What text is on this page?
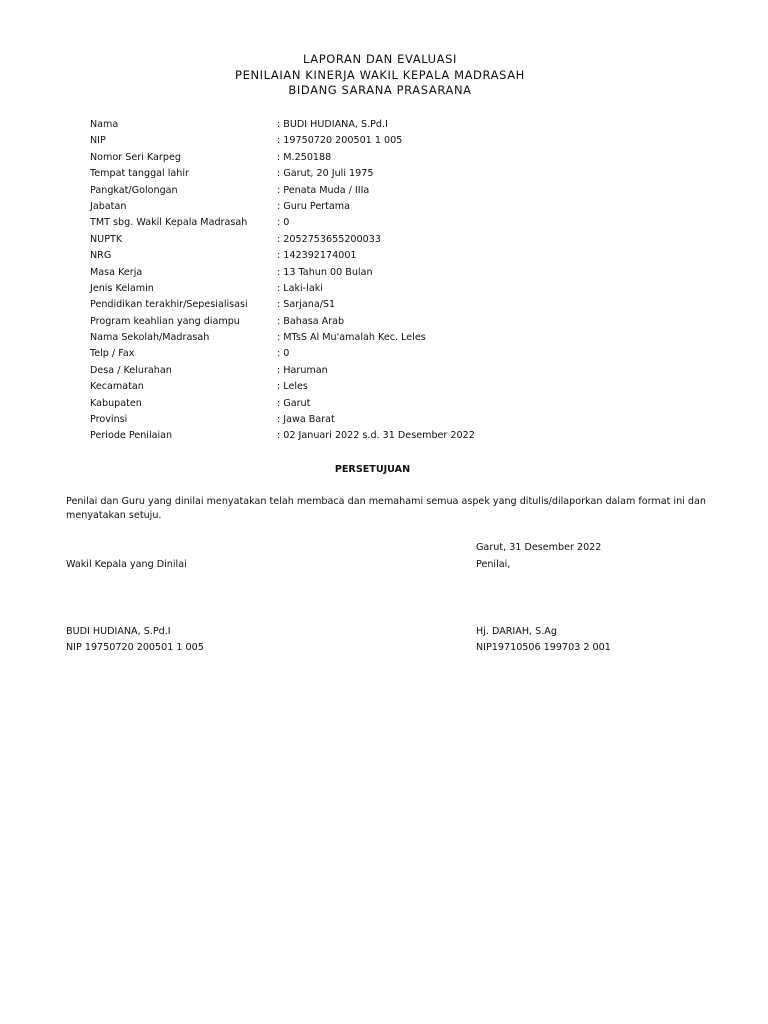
LAPORAN DAN EVALUASI
PENILAIAN KINERJA WAKIL KEPALA MADRASAH
BIDANG SARANA PRASARANA
Nama	: BUDI HUDIANA, S.Pd.I
NIP	: 19750720 200501 1 005
Nomor Seri Karpeg	: M.250188
Tempat tanggal lahir	: Garut, 20 Juli 1975
Pangkat/Golongan	: Penata Muda / IIIa
Jabatan	: Guru Pertama
TMT sbg. Wakil Kepala Madrasah	: 0
NUPTK	: 2052753655200033
NRG	: 142392174001
Masa Kerja	: 13 Tahun 00 Bulan
Jenis Kelamin	: Laki-laki
Pendidikan terakhir/Sepesialisasi	: Sarjana/S1
Program keahlian yang diampu	: Bahasa Arab
Nama Sekolah/Madrasah	: MTsS Al Mu'amalah Kec. Leles
Telp / Fax	: 0
Desa / Kelurahan	: Haruman
Kecamatan	: Leles
Kabupaten	: Garut
Provinsi	: Jawa Barat
Periode Penilaian	: 02 Januari 2022 s.d. 31 Desember 2022
PERSETUJUAN
Penilai dan Guru yang dinilai menyatakan telah membaca dan memahami semua aspek yang ditulis/dilaporkan dalam format ini dan menyatakan setuju.
Garut, 31 Desember 2022
Wakil Kepala yang Dinilai	Penilai,
BUDI HUDIANA, S.Pd.I	Hj. DARIAH, S.Ag
NIP 19750720 200501 1 005	NIP19710506 199703 2 001
